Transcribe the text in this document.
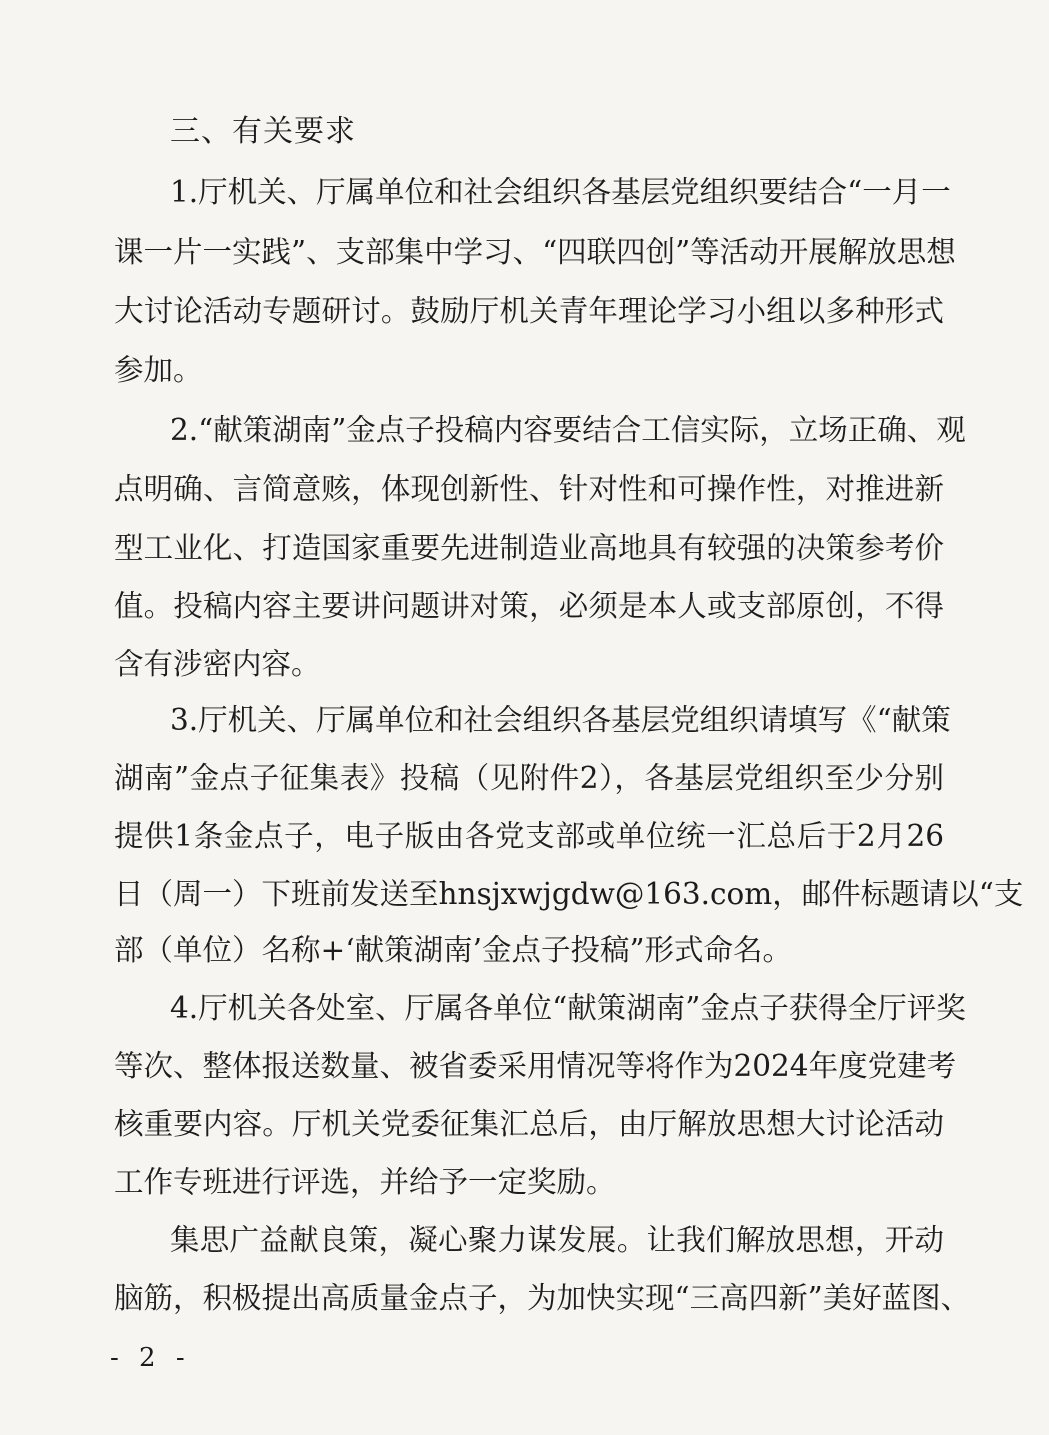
三、有关要求
1.厅机关、厅属单位和社会组织各基层党组织要结合“一月一
课一片一实践”、支部集中学习、“四联四创”等活动开展解放思想
大讨论活动专题研讨。鼓励厅机关青年理论学习小组以多种形式
参加。
2.“献策湖南”金点子投稿内容要结合工信实际，立场正确、观
点明确、言简意赅，体现创新性、针对性和可操作性，对推进新
型工业化、打造国家重要先进制造业高地具有较强的决策参考价
值。投稿内容主要讲问题讲对策，必须是本人或支部原创，不得
含有涉密内容。
3.厅机关、厅属单位和社会组织各基层党组织请填写《“献策
湖南”金点子征集表》投稿（见附件2），各基层党组织至少分别
提供1条金点子，电子版由各党支部或单位统一汇总后于2月26
日（周一）下班前发送至hnsjxwjgdw@163.com，邮件标题请以“支
部（单位）名称+‘献策湖南’金点子投稿”形式命名。
4.厅机关各处室、厅属各单位“献策湖南”金点子获得全厅评奖
等次、整体报送数量、被省委采用情况等将作为2024年度党建考
核重要内容。厅机关党委征集汇总后，由厅解放思想大讨论活动
工作专班进行评选，并给予一定奖励。
集思广益献良策，凝心聚力谋发展。让我们解放思想，开动
脑筋，积极提出高质量金点子，为加快实现“三高四新”美好蓝图、
- 2 -
